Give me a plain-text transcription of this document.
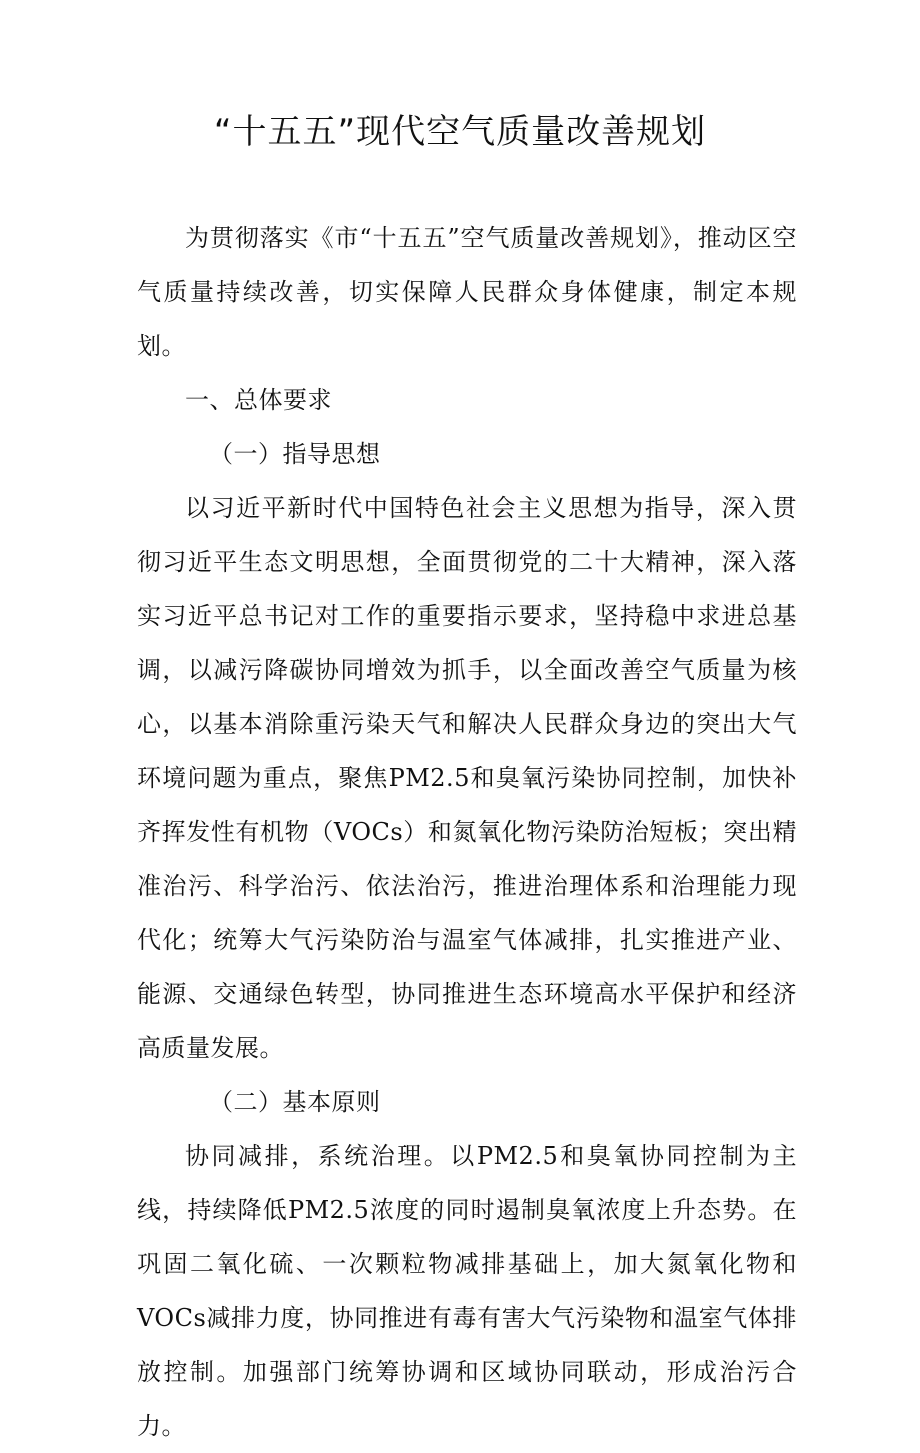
“十五五”现代空气质量改善规划

为贯彻落实《市“十五五”空气质量改善规划》，推动区空气质量持续改善，切实保障人民群众身体健康，制定本规划。

一、总体要求

（一）指导思想

以习近平新时代中国特色社会主义思想为指导，深入贯彻习近平生态文明思想，全面贯彻党的二十大精神，深入落实习近平总书记对工作的重要指示要求，坚持稳中求进总基调，以减污降碳协同增效为抓手，以全面改善空气质量为核心，以基本消除重污染天气和解决人民群众身边的突出大气环境问题为重点，聚焦PM2.5和臭氧污染协同控制，加快补齐挥发性有机物（VOCs）和氮氧化物污染防治短板；突出精准治污、科学治污、依法治污，推进治理体系和治理能力现代化；统筹大气污染防治与温室气体减排，扎实推进产业、能源、交通绿色转型，协同推进生态环境高水平保护和经济高质量发展。

（二）基本原则

协同减排，系统治理。以PM2.5和臭氧协同控制为主线，持续降低PM2.5浓度的同时遏制臭氧浓度上升态势。在巩固二氧化硫、一次颗粒物减排基础上，加大氮氧化物和VOCs减排力度，协同推进有毒有害大气污染物和温室气体排放控制。加强部门统筹协调和区域协同联动，形成治污合力。
